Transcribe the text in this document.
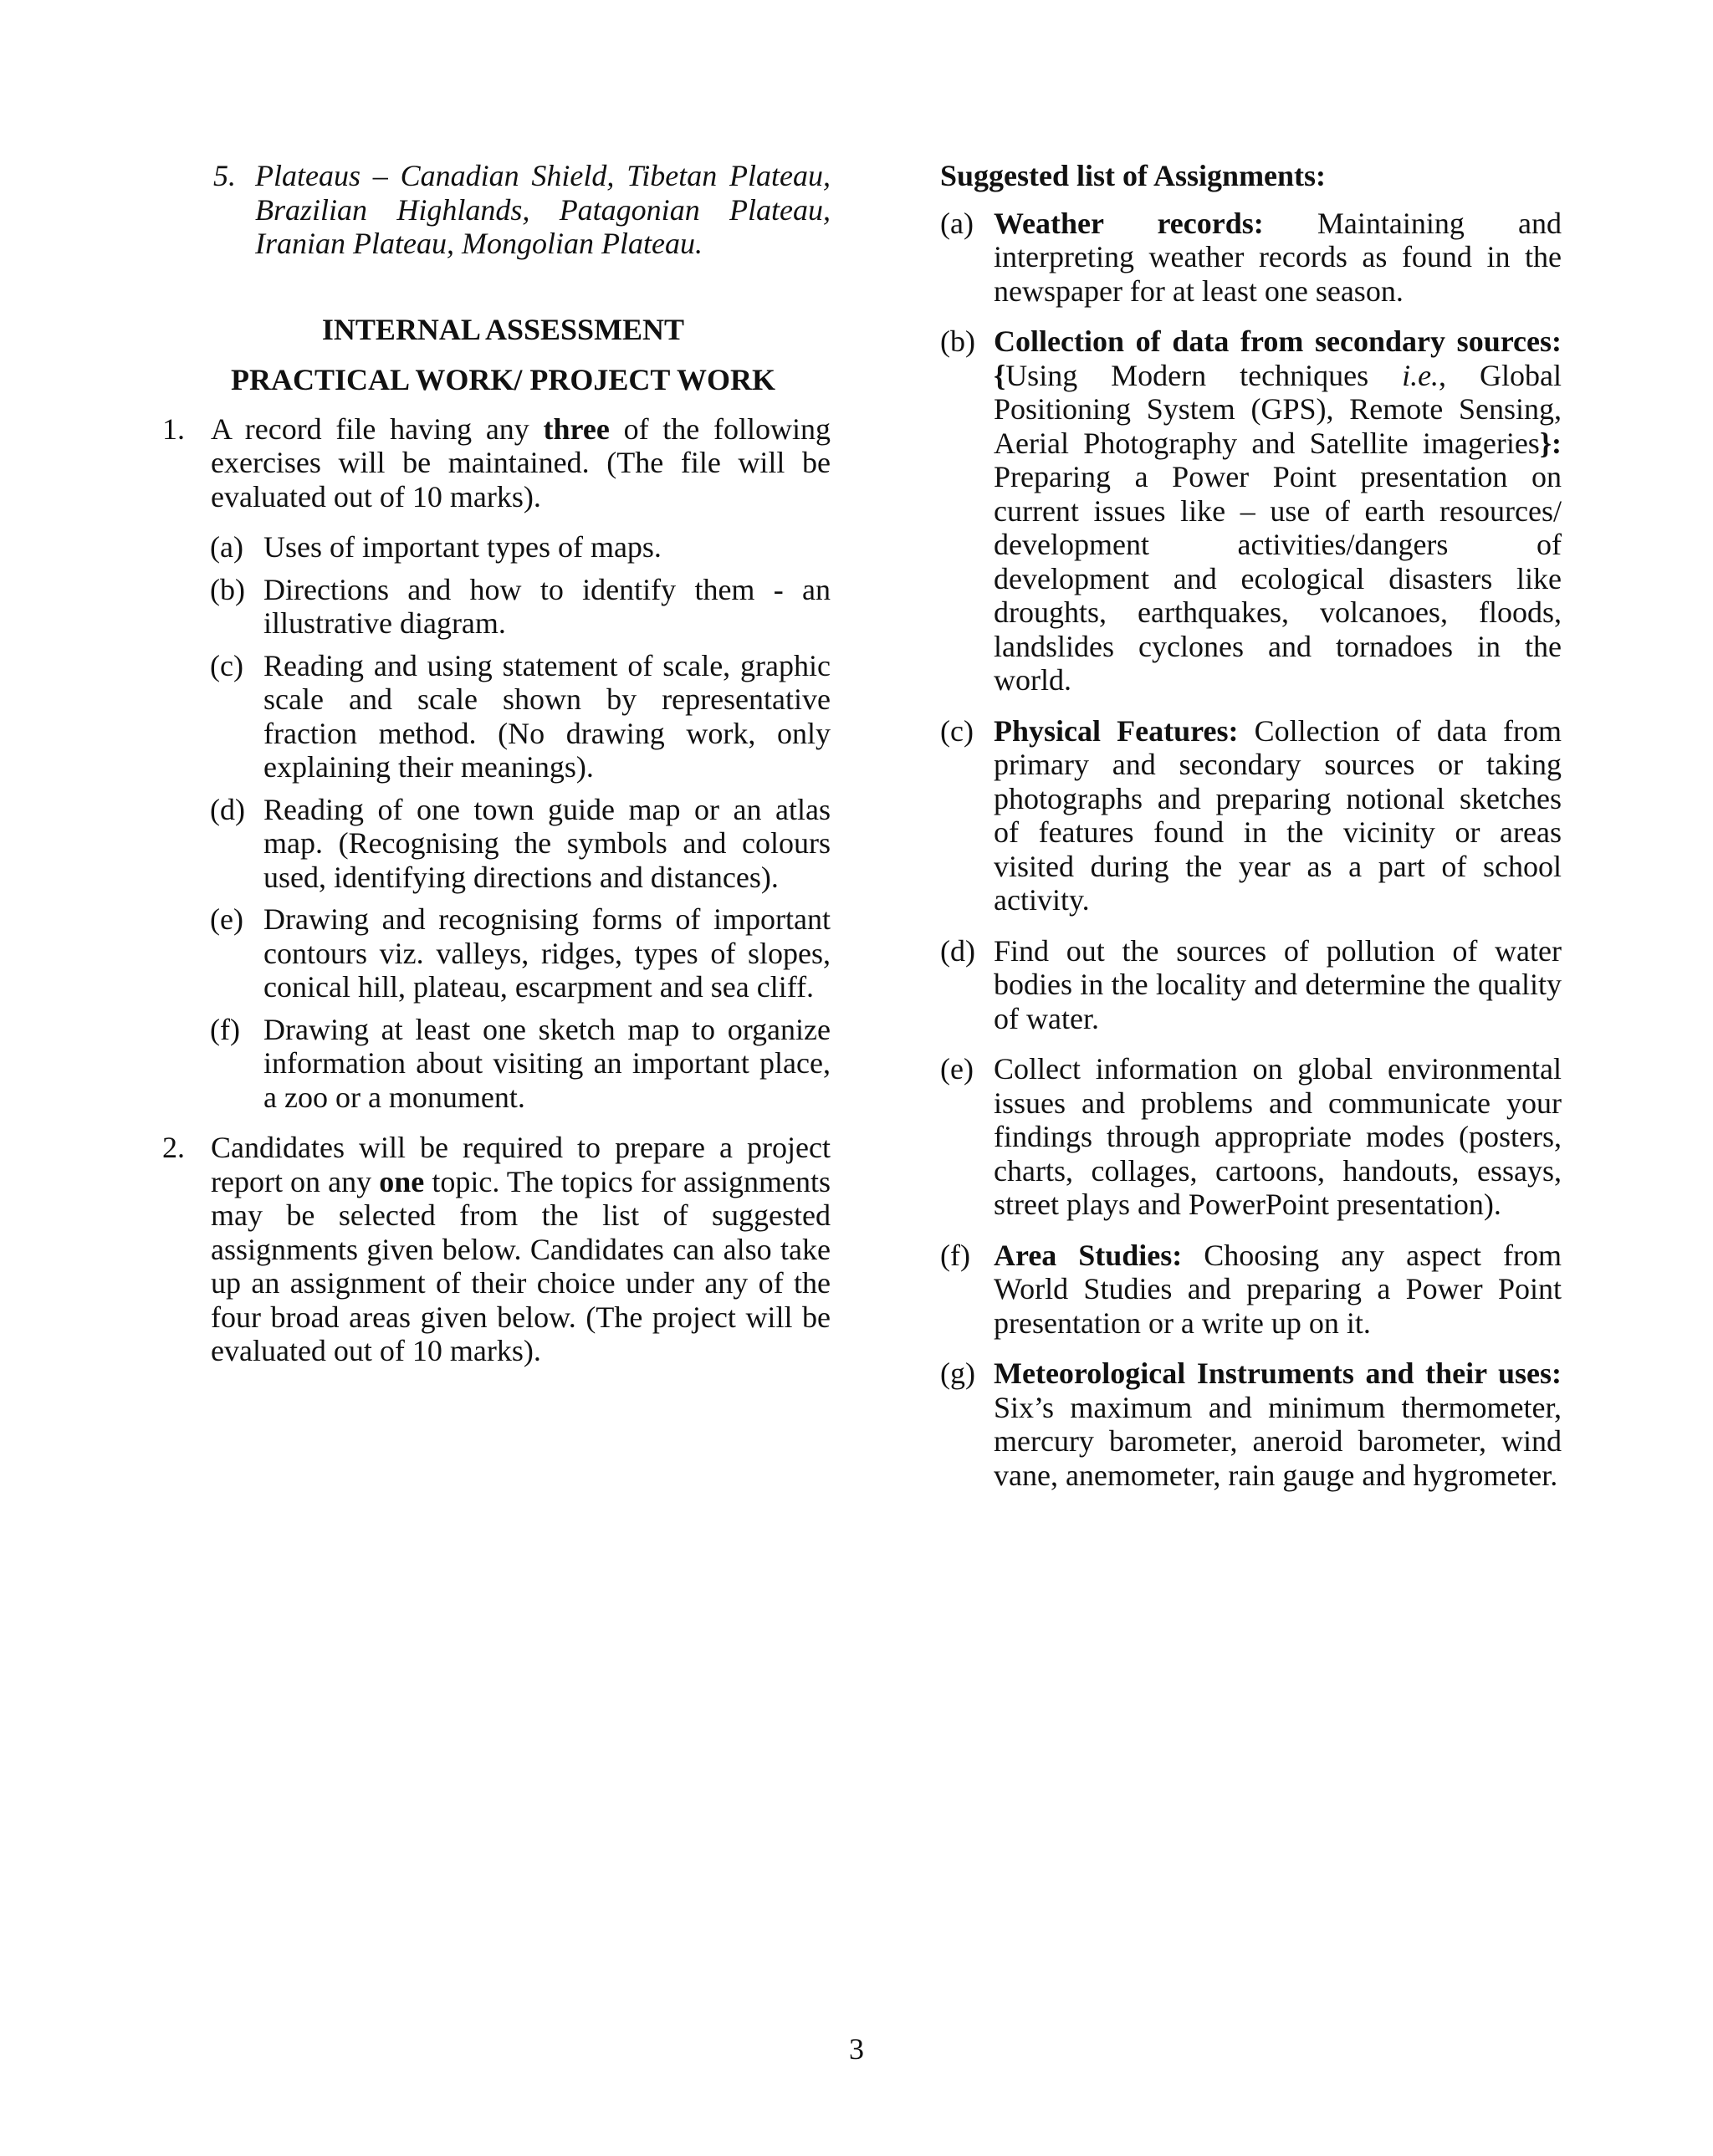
5. Plateaus – Canadian Shield, Tibetan Plateau, Brazilian Highlands, Patagonian Plateau, Iranian Plateau, Mongolian Plateau.

INTERNAL ASSESSMENT

PRACTICAL WORK/ PROJECT WORK

1. A record file having any three of the following exercises will be maintained. (The file will be evaluated out of 10 marks).
(a) Uses of important types of maps.
(b) Directions and how to identify them - an illustrative diagram.
(c) Reading and using statement of scale, graphic scale and scale shown by representative fraction method. (No drawing work, only explaining their meanings).
(d) Reading of one town guide map or an atlas map. (Recognising the symbols and colours used, identifying directions and distances).
(e) Drawing and recognising forms of important contours viz. valleys, ridges, types of slopes, conical hill, plateau, escarpment and sea cliff.
(f) Drawing at least one sketch map to organize information about visiting an important place, a zoo or a monument.
2. Candidates will be required to prepare a project report on any one topic. The topics for assignments may be selected from the list of suggested assignments given below. Candidates can also take up an assignment of their choice under any of the four broad areas given below. (The project will be evaluated out of 10 marks).

Suggested list of Assignments:

(a) Weather records: Maintaining and interpreting weather records as found in the newspaper for at least one season.
(b) Collection of data from secondary sources: {Using Modern techniques i.e., Global Positioning System (GPS), Remote Sensing, Aerial Photography and Satellite imageries}: Preparing a Power Point presentation on current issues like – use of earth resources/ development activities/dangers of development and ecological disasters like droughts, earthquakes, volcanoes, floods, landslides cyclones and tornadoes in the world.
(c) Physical Features: Collection of data from primary and secondary sources or taking photographs and preparing notional sketches of features found in the vicinity or areas visited during the year as a part of school activity.
(d) Find out the sources of pollution of water bodies in the locality and determine the quality of water.
(e) Collect information on global environmental issues and problems and communicate your findings through appropriate modes (posters, charts, collages, cartoons, handouts, essays, street plays and PowerPoint presentation).
(f) Area Studies: Choosing any aspect from World Studies and preparing a Power Point presentation or a write up on it.
(g) Meteorological Instruments and their uses: Six’s maximum and minimum thermometer, mercury barometer, aneroid barometer, wind vane, anemometer, rain gauge and hygrometer.
3
